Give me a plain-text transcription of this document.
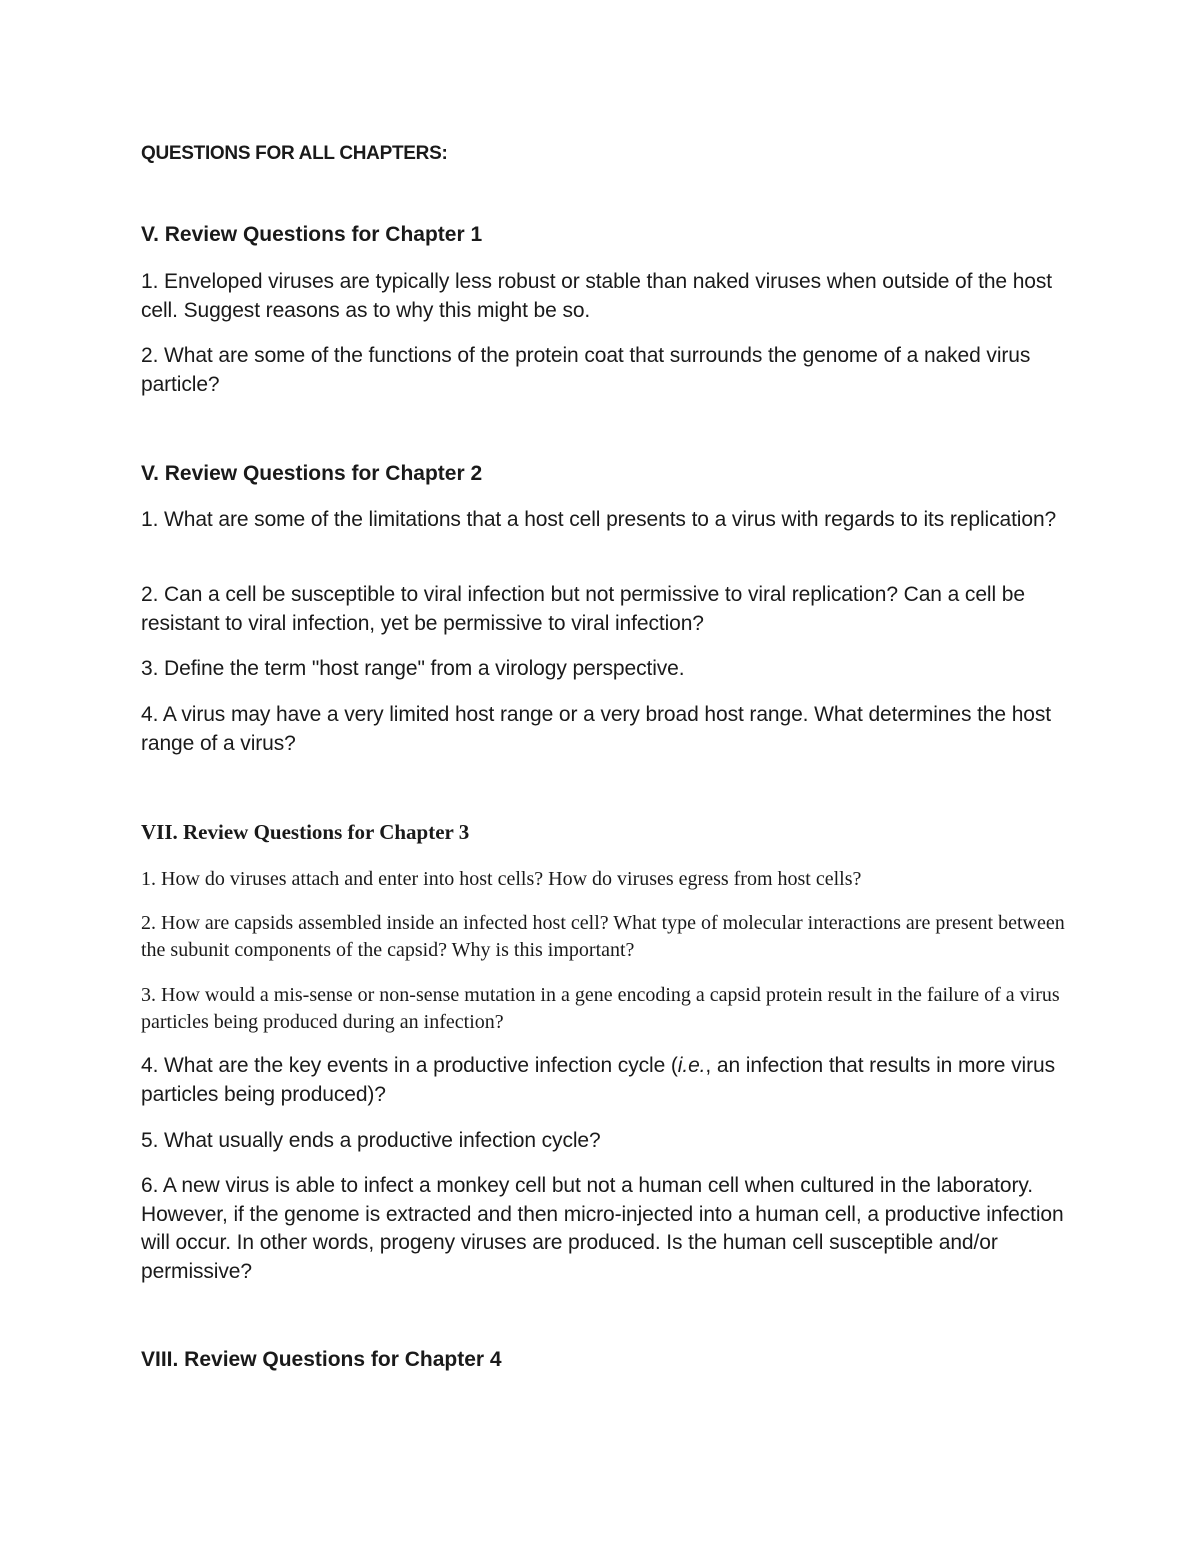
QUESTIONS FOR ALL CHAPTERS:
V. Review Questions for Chapter 1

1. Enveloped viruses are typically less robust or stable than naked viruses when outside of the host cell. Suggest reasons as to why this might be so.

2. What are some of the functions of the protein coat that surrounds the genome of a naked virus particle?

V. Review Questions for Chapter 2

1. What are some of the limitations that a host cell presents to a virus with regards to its replication?

2. Can a cell be susceptible to viral infection but not permissive to viral replication? Can a cell be resistant to viral infection, yet be permissive to viral infection?

3. Define the term "host range" from a virology perspective.

4. A virus may have a very limited host range or a very broad host range. What determines the host range of a virus?

VII. Review Questions for Chapter 3

1. How do viruses attach and enter into host cells? How do viruses egress from host cells?

2. How are capsids assembled inside an infected host cell? What type of molecular interactions are present between the subunit components of the capsid? Why is this important?

3. How would a mis-sense or non-sense mutation in a gene encoding a capsid protein result in the failure of a virus particles being produced during an infection?

4. What are the key events in a productive infection cycle (i.e., an infection that results in more virus particles being produced)?

5. What usually ends a productive infection cycle?

6. A new virus is able to infect a monkey cell but not a human cell when cultured in the laboratory. However, if the genome is extracted and then micro-injected into a human cell, a productive infection will occur. In other words, progeny viruses are produced. Is the human cell susceptible and/or permissive?

VIII. Review Questions for Chapter 4
